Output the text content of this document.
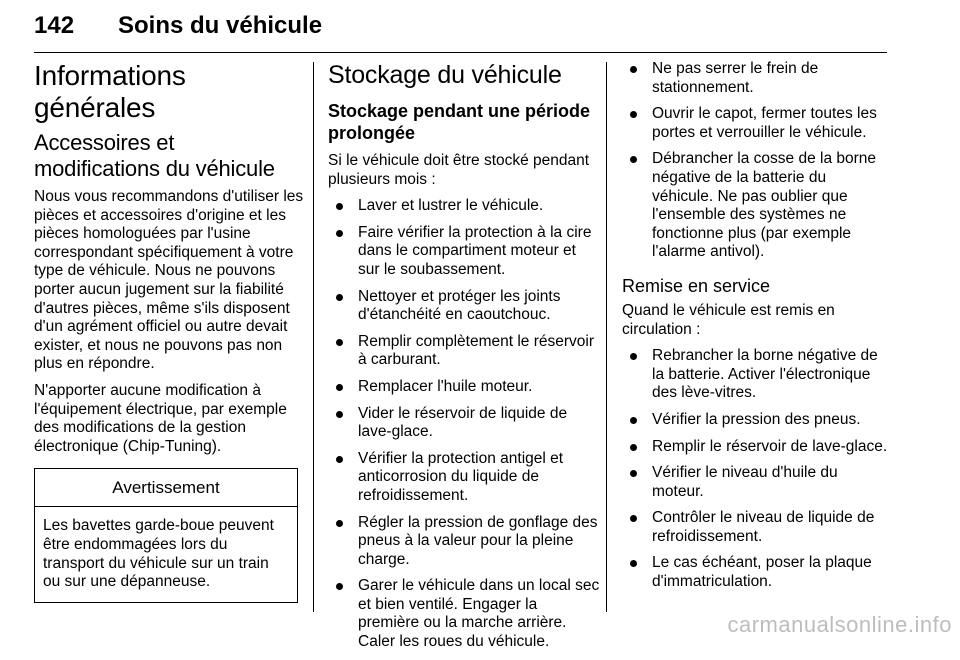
142 Soins du véhicule
Informations générales
Accessoires et modifications du véhicule

Nous vous recommandons d'utiliser les pièces et accessoires d'origine et les pièces homologuées par l'usine correspondant spécifiquement à votre type de véhicule. Nous ne pouvons porter aucun jugement sur la fiabilité d'autres pièces, même s'ils disposent d'un agrément officiel ou autre devait exister, et nous ne pouvons pas non plus en répondre.

N'apporter aucune modification à l'équipement électrique, par exemple des modifications de la gestion électronique (Chip-Tuning).

Avertissement
Les bavettes garde-boue peuvent être endommagées lors du transport du véhicule sur un train ou sur une dépanneuse.
Stockage du véhicule
Stockage pendant une période prolongée

Si le véhicule doit être stocké pendant plusieurs mois :

Laver et lustrer le véhicule.
Faire vérifier la protection à la cire dans le compartiment moteur et sur le soubassement.
Nettoyer et protéger les joints d'étanchéité en caoutchouc.
Remplir complètement le réservoir à carburant.
Remplacer l'huile moteur.
Vider le réservoir de liquide de lave-glace.
Vérifier la protection antigel et anticorrosion du liquide de refroidissement.
Régler la pression de gonflage des pneus à la valeur pour la pleine charge.
Garer le véhicule dans un local sec et bien ventilé. Engager la première ou la marche arrière. Caler les roues du véhicule.
Ne pas serrer le frein de stationnement.
Ouvrir le capot, fermer toutes les portes et verrouiller le véhicule.
Débrancher la cosse de la borne négative de la batterie du véhicule. Ne pas oublier que l'ensemble des systèmes ne fonctionne plus (par exemple l'alarme antivol).
Remise en service

Quand le véhicule est remis en circulation :

Rebrancher la borne négative de la batterie. Activer l'électronique des lève-vitres.
Vérifier la pression des pneus.
Remplir le réservoir de lave-glace.
Vérifier le niveau d'huile du moteur.
Contrôler le niveau de liquide de refroidissement.
Le cas échéant, poser la plaque d'immatriculation.
carmanualsonline.info
